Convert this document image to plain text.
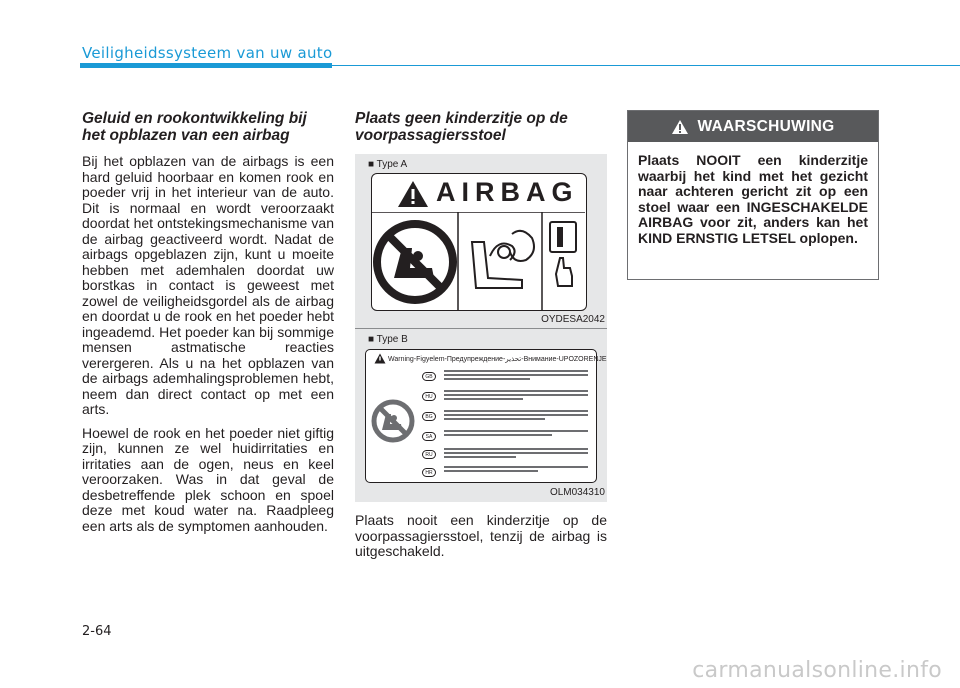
Veiligheidssysteem van uw auto
Geluid en rookontwikkeling bij het opblazen van een airbag

Bij het opblazen van de airbags is een hard geluid hoorbaar en komen rook en poeder vrij in het interieur van de auto. Dit is normaal en wordt veroorzaakt doordat het ontstekingsmechanisme van de airbag geactiveerd wordt. Nadat de airbags opgeblazen zijn, kunt u moeite hebben met ademhalen doordat uw borstkas in contact is geweest met zowel de veiligheidsgordel als de airbag en doordat u de rook en het poeder hebt ingeademd. Het poeder kan bij sommige mensen astmatische reacties verergeren. Als u na het opblazen van de airbags ademhalingsproblemen hebt, neem dan direct contact op met een arts.

Hoewel de rook en het poeder niet giftig zijn, kunnen ze wel huidirritaties en irritaties aan de ogen, neus en keel veroorzaken. Was in dat geval de desbetreffende plek schoon en spoel deze met koud water na. Raadpleeg een arts als de symptomen aanhouden.

Plaats geen kinderzitje op de voorpassagiersstoel
■ Type A
AIRBAG
OYDESA2042
■ Type B
Warning-Figyelem-Предупреждение-تحذير-Внимание-UPOZORENJE
GB
HU
BG
SA
RU
HR
OLM034310

Plaats nooit een kinderzitje op de voorpassagiersstoel, tenzij de airbag is uitgeschakeld.

WAARSCHUWING

Plaats NOOIT een kinderzitje waarbij het kind met het gezicht naar achteren gericht zit op een stoel waar een INGESCHAKELDE AIRBAG voor zit, anders kan het KIND ERNSTIG LETSEL oplopen.

2-64
carmanualsonline.info
